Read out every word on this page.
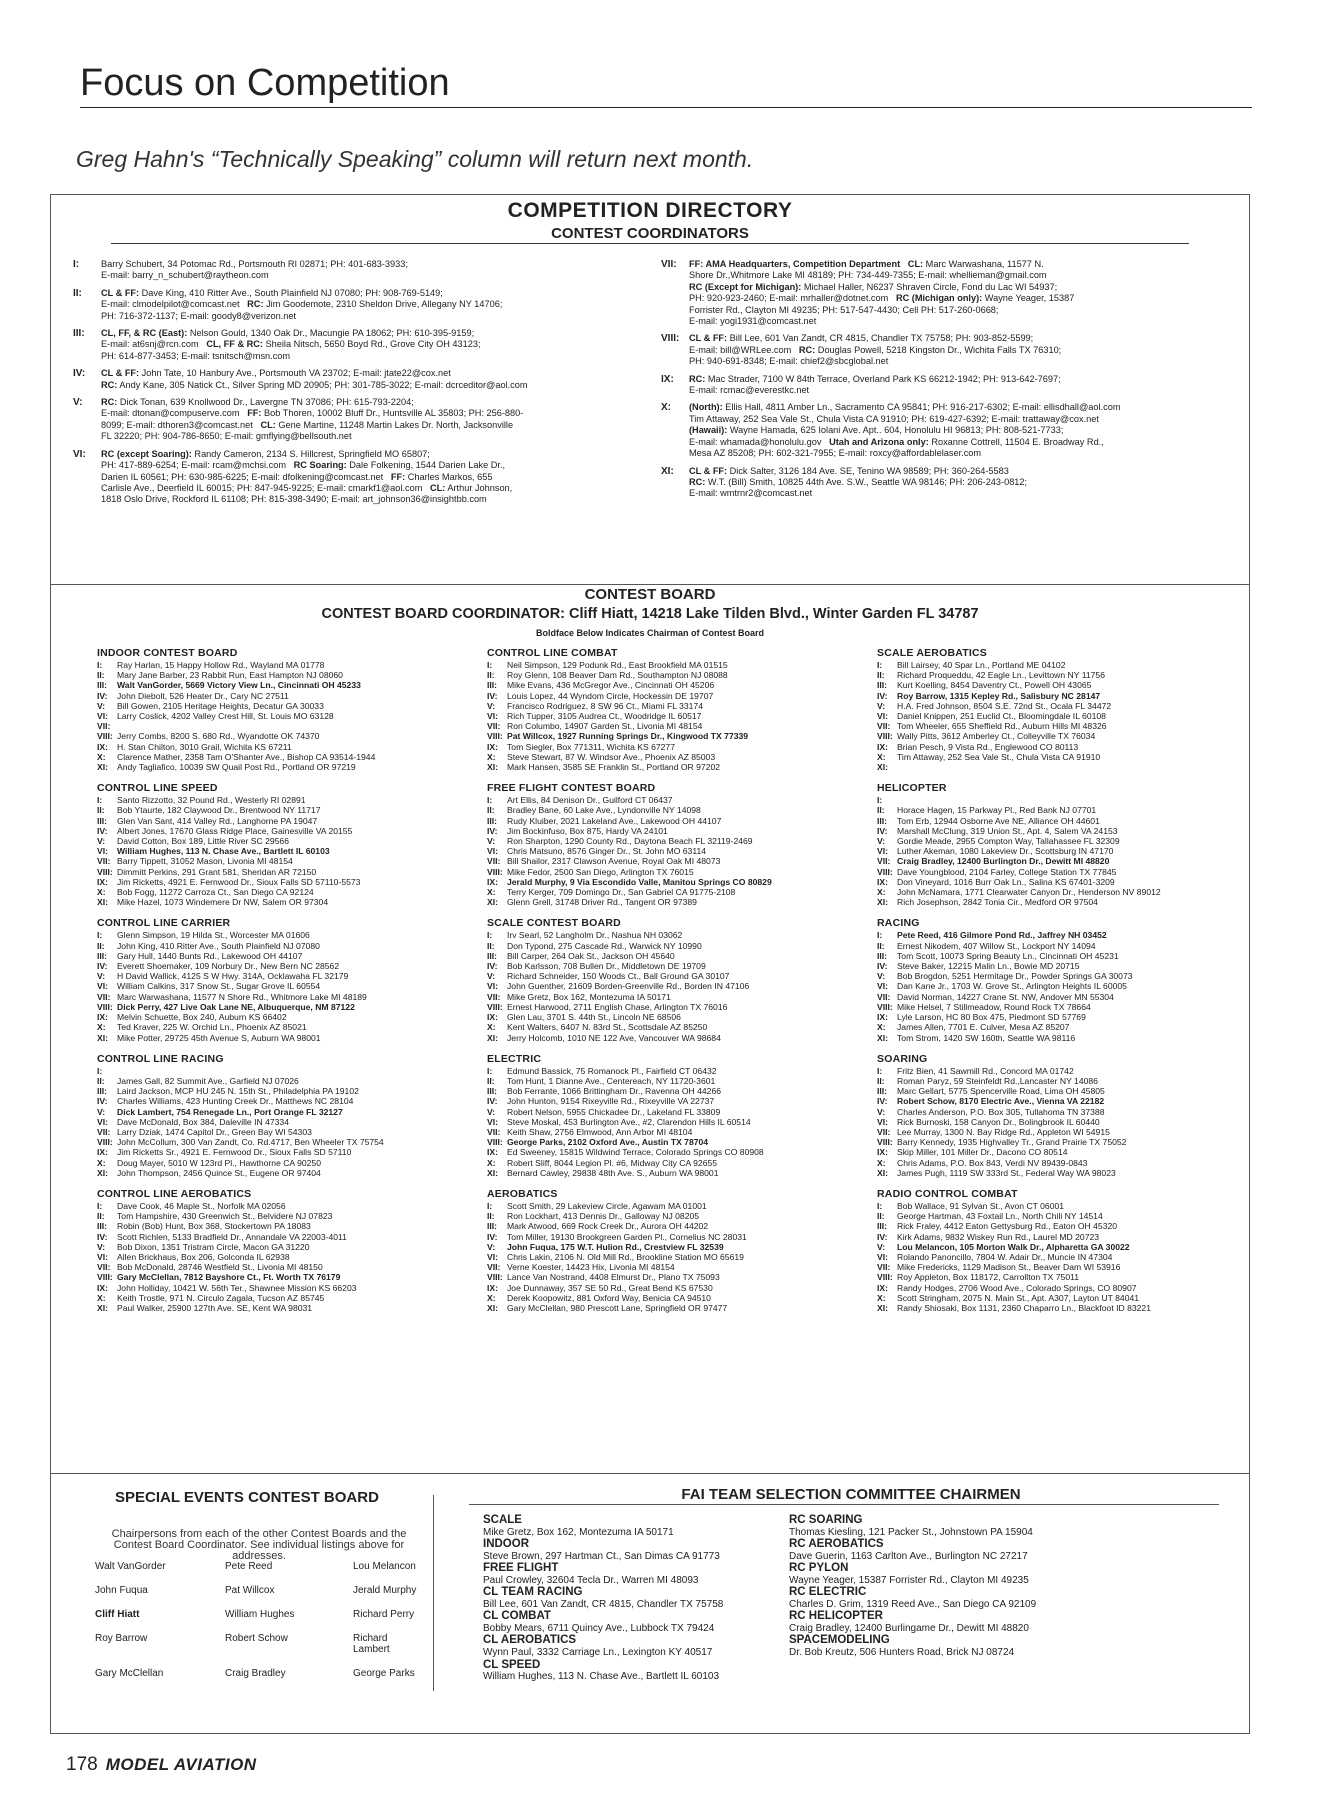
Focus on Competition
Greg Hahn's “Technically Speaking” column will return next month.
COMPETITION DIRECTORY
CONTEST COORDINATORS
I:	Barry Schubert, 34 Potomac Rd., Portsmouth RI 02871; PH: 401-683-3933;
E-mail: barry_n_schubert@raytheon.com
II:	CL & FF: Dave King, 410 Ritter Ave., South Plainfield NJ 07080; PH: 908-769-5149;
E-mail: clmodelpilot@comcast.net   RC: Jim Goodemote, 2310 Sheldon Drive, Allegany NY 14706;
PH: 716-372-1137; E-mail: goody8@verizon.net
III:	CL, FF, & RC (East): Nelson Gould, 1340 Oak Dr., Macungie PA 18062; PH: 610-395-9159;
E-mail: at6snj@rcn.com   CL, FF & RC: Sheila Nitsch, 5650 Boyd Rd., Grove City OH 43123;
PH: 614-877-3453; E-mail: tsnitsch@msn.com
IV:	CL & FF: John Tate, 10 Hanbury Ave., Portsmouth VA 23702; E-mail: jtate22@cox.net
RC: Andy Kane, 305 Natick Ct., Silver Spring MD 20905; PH: 301-785-3022; E-mail: dcrceditor@aol.com
V:	RC: Dick Tonan, 639 Knollwood Dr., Lavergne TN 37086; PH: 615-793-2204;
E-mail: dtonan@compuserve.com   FF: Bob Thoren, 10002 Bluff Dr., Huntsville AL 35803; PH: 256-880-
8099; E-mail: dthoren3@comcast.net   CL: Gene Martine, 11248 Martin Lakes Dr. North, Jacksonville
FL 32220; PH: 904-786-8650; E-mail: gmflying@bellsouth.net
VI:	RC (except Soaring): Randy Cameron, 2134 S. Hillcrest, Springfield MO 65807;
PH: 417-889-6254; E-mail: rcam@mchsi.com   RC Soaring: Dale Folkening, 1544 Darien Lake Dr.,
Darien IL 60561; PH: 630-985-6225; E-mail: dfolkening@comcast.net   FF: Charles Markos, 655
Carlisle Ave., Deerfield IL 60015; PH: 847-945-9225; E-mail: cmarkf1@aol.com   CL: Arthur Johnson,
1818 Oslo Drive, Rockford IL 61108; PH: 815-398-3490; E-mail: art_johnson36@insightbb.com
VII:	FF: AMA Headquarters, Competition Department   CL: Marc Warwashana, 11577 N.
Shore Dr.,Whitmore Lake MI 48189; PH: 734-449-7355; E-mail: whellieman@gmail.com
RC (Except for Michigan): Michael Haller, N6237 Shraven Circle, Fond du Lac WI 54937;
PH: 920-923-2460; E-mail: mrhaller@dotnet.com   RC (Michigan only): Wayne Yeager, 15387
Forrister Rd., Clayton MI 49235; PH: 517-547-4430; Cell PH: 517-260-0668;
E-mail: yogi1931@comcast.net
VIII:	CL & FF: Bill Lee, 601 Van Zandt, CR 4815, Chandler TX 75758; PH: 903-852-5599;
E-mail: bill@WRLee.com   RC: Douglas Powell, 5218 Kingston Dr., Wichita Falls TX 76310;
PH: 940-691-8348; E-mail: chief2@sbcglobal.net
IX:	RC: Mac Strader, 7100 W 84th Terrace, Overland Park KS 66212-1942; PH: 913-642-7697;
E-mail: rcmac@everestkc.net
X:	(North): Ellis Hall, 4811 Amber Ln., Sacramento CA 95841; PH: 916-217-6302; E-mail: ellisdhall@aol.com
Tim Attaway, 252 Sea Vale St., Chula Vista CA 91910; PH: 619-427-6392; E-mail: trattaway@cox.net
(Hawaii): Wayne Hamada, 625 Iolani Ave. Apt.. 604, Honolulu HI 96813; PH: 808-521-7733;
E-mail: whamada@honolulu.gov   Utah and Arizona only: Roxanne Cottrell, 11504 E. Broadway Rd.,
Mesa AZ 85208; PH: 602-321-7955; E-mail: roxcy@affordablelaser.com
XI:	CL & FF: Dick Salter, 3126 184 Ave. SE, Tenino WA 98589; PH: 360-264-5583
RC: W.T. (Bill) Smith, 10825 44th Ave. S.W., Seattle WA 98146; PH: 206-243-0812;
E-mail: wmtrnr2@comcast.net
CONTEST BOARD
CONTEST BOARD COORDINATOR: Cliff Hiatt, 14218 Lake Tilden Blvd., Winter Garden FL 34787
Boldface Below Indicates Chairman of Contest Board
INDOOR CONTEST BOARD
I:	Ray Harlan, 15 Happy Hollow Rd., Wayland MA 01778
II:	Mary Jane Barber, 23 Rabbit Run, East Hampton NJ 08060
III:	Walt VanGorder, 5669 Victory View Ln., Cincinnati OH 45233
IV:	John Diebolt, 526 Heater Dr., Cary NC 27511
V:	Bill Gowen, 2105 Heritage Heights, Decatur GA 30033
VI:	Larry Coslick, 4202 Valley Crest Hill, St. Louis MO 63128
VII:
VIII: Jerry Combs, 8200 S. 680 Rd., Wyandotte OK 74370
IX:	H. Stan Chilton, 3010 Grail, Wichita KS 67211
X:	Clarence Mather, 2358 Tam O'Shanter Ave., Bishop CA 93514-1944
XI:	Andy Tagliafico, 10039 SW Quail Post Rd., Portland OR 97219
CONTROL LINE SPEED
I:	Santo Rizzotto, 32 Pound Rd., Westerly RI 02891
II:	Bob Ytaurte, 182 Claywood Dr., Brentwood NY 11717
III:	Glen Van Sant, 414 Valley Rd., Langhorne PA 19047
IV:	Albert Jones, 17670 Glass Ridge Place, Gainesville VA 20155
V:	David Cotton, Box 189, Little River SC 29566
VI:	William Hughes, 113 N. Chase Ave., Bartlett IL 60103
VII: Barry Tippett, 31052 Mason, Livonia MI 48154
VIII: Dimmitt Perkins, 291 Grant 581, Sheridan AR 72150
IX:	Jim Ricketts, 4921 E. Fernwood Dr., Sioux Falls SD 57110-5573
X:	Bob Fogg, 11272 Carroza Ct., San Diego CA 92124
XI:	Mike Hazel, 1073 Windemere Dr NW, Salem OR 97304
CONTROL LINE CARRIER
I:	Glenn Simpson, 19 Hilda St., Worcester MA 01606
II:	John King, 410 Ritter Ave., South Plainfield NJ 07080
III:	Gary Hull, 1440 Bunts Rd., Lakewood OH 44107
IV:	Everett Shoemaker, 109 Norbury Dr., New Bern NC 28562
V:	H David Wallick, 4125 S W Hwy. 314A, Ocklawaha FL 32179
VI:	William Calkins, 317 Snow St., Sugar Grove IL 60554
VII: Marc Warwashana, 11577 N Shore Rd., Whitmore Lake MI 48189
VIII: Dick Perry, 427 Live Oak Lane NE, Albuquerque, NM 87122
IX:	Melvin Schuette, Box 240, Auburn KS 66402
X:	Ted Kraver, 225 W. Orchid Ln., Phoenix AZ 85021
XI:	Mike Potter, 29725 45th Avenue S, Auburn WA 98001
CONTROL LINE RACING
I:
II:	James Gall, 82 Summit Ave., Garfield NJ 07026
III:	Laird Jackson, MCP HU 245 N. 15th St., Philadelphia PA 19102
IV:	Charles Williams, 423 Hunting Creek Dr., Matthews NC 28104
V:	Dick Lambert, 754 Renegade Ln., Port Orange FL 32127
VI:	Dave McDonald, Box 384, Daleville IN 47334
VII: Larry Dziak, 1474 Capitol Dr., Green Bay WI 54303
VIII: John McCollum, 300 Van Zandt, Co. Rd.4717, Ben Wheeler TX 75754
IX:	Jim Ricketts Sr., 4921 E. Fernwood Dr., Sioux Falls SD 57110
X:	Doug Mayer, 5010 W 123rd Pl., Hawthorne CA 90250
XI:	John Thompson, 2456 Quince St., Eugene OR 97404
CONTROL LINE AEROBATICS
I:	Dave Cook, 46 Maple St., Norfolk MA 02056
II:	Tom Hampshire, 430 Greenwich St., Belvidere NJ 07823
III:	Robin (Bob) Hunt, Box 368, Stockertown PA 18083
IV:	Scott Richlen, 5133 Bradfield Dr., Annandale VA 22003-4011
V:	Bob Dixon, 1351 Tristram Circle, Macon GA 31220
VI:	Allen Brickhaus, Box 206, Golconda IL 62938
VII: Bob McDonald, 28746 Westfield St., Livonia MI 48150
VIII: Gary McClellan, 7812 Bayshore Ct., Ft. Worth TX 76179
IX:	John Holliday, 10421 W. 56th Ter., Shawnee Mission KS 66203
X:	Keith Trostle, 971 N. Circulo Zagala, Tucson AZ 85745
XI:	Paul Walker, 25900 127th Ave. SE, Kent WA 98031
CONTROL LINE COMBAT
I:	Neil Simpson, 129 Podunk Rd., East Brookfield MA 01515
II:	Roy Glenn, 108 Beaver Dam Rd., Southampton NJ 08088
III:	Mike Evans, 436 McGregor Ave., Cincinnati OH 45206
IV:	Louis Lopez, 44 Wyndom Circle, Hockessin DE 19707
V:	Francisco Rodriguez, 8 SW 96 Ct., Miami FL 33174
VI:	Rich Tupper, 3105 Audrea Ct., Woodridge IL 60517
VII: Ron Columbo, 14907 Garden St., Livonia MI 48154
VIII: Pat Willcox, 1927 Running Springs Dr., Kingwood TX 77339
IX:	Tom Siegler, Box 771311, Wichita KS 67277
X:	Steve Stewart, 87 W. Windsor Ave., Phoenix AZ 85003
XI:	Mark Hansen, 3585 SE Franklin St., Portland OR 97202
FREE FLIGHT CONTEST BOARD
I:	Art Ellis, 84 Denison Dr., Guilford CT 06437
II:	Bradley Bane, 60 Lake Ave., Lyndonville NY 14098
III:	Rudy Kluiber, 2021 Lakeland Ave., Lakewood OH 44107
IV:	Jim Bockinfuso, Box 875, Hardy VA 24101
V:	Ron Sharpton, 1290 County Rd., Daytona Beach FL 32119-2469
VI:	Chris Matsuno, 8576 Ginger Dr., St. John MO 63114
VII: Bill Shailor, 2317 Clawson Avenue, Royal Oak MI 48073
VIII: Mike Fedor, 2500 San Diego, Arlington TX 76015
IX:	Jerald Murphy, 9 Via Escondido Valle, Manitou Springs CO 80829
X:	Terry Kerger, 709 Domingo Dr., San Gabriel CA 91775-2108
XI:	Glenn Grell, 31748 Driver Rd., Tangent OR 97389
SCALE CONTEST BOARD
I:	Irv Searl, 52 Langholm Dr., Nashua NH 03062
II:	Don Typond, 275 Cascade Rd., Warwick NY 10990
III:	Bill Carper, 264 Oak St., Jackson OH 45640
IV:	Bob Karlsson, 708 Bullen Dr., Middletown DE 19709
V:	Richard Schneider, 150 Woods Ct., Ball Ground GA 30107
VI:	John Guenther, 21609 Borden-Greenville Rd., Borden IN 47106
VII: Mike Gretz, Box 162, Montezuma IA 50171
VIII: Ernest Harwood, 2711 English Chase, Arlington TX 76016
IX:	Glen Lau, 3701 S. 44th St., Lincoln NE 68506
X:	Kent Walters, 6407 N. 83rd St., Scottsdale AZ 85250
XI:	Jerry Holcomb, 1010 NE 122 Ave, Vancouver WA 98684
ELECTRIC
I:	Edmund Bassick, 75 Romanock Pl., Fairfield CT 06432
II:	Tom Hunt, 1 Dianne Ave., Centereach, NY 11720-3601
III:	Bob Ferrante, 1066 Brittingham Dr., Ravenna OH 44266
IV:	John Hunton, 9154 Rixeyville Rd., Rixeyville VA 22737
V:	Robert Nelson, 5955 Chickadee Dr., Lakeland FL 33809
VI:	Steve Moskal, 453 Burlington Ave., #2, Clarendon Hills IL 60514
VII: Keith Shaw, 2756 Elmwood, Ann Arbor MI 48104
VIII: George Parks, 2102 Oxford Ave., Austin TX 78704
IX:	Ed Sweeney, 15815 Wildwind Terrace, Colorado Springs CO 80908
X:	Robert Sliff, 8044 Legion Pl. #6, Midway City CA 92655
XI:	Bernard Cawley, 29838 48th Ave. S., Auburn WA 98001
AEROBATICS
I:	Scott Smith, 29 Lakeview Circle, Agawam MA 01001
II:	Ron Lockhart, 413 Dennis Dr., Galloway NJ 08205
III:	Mark Atwood, 669 Rock Creek Dr., Aurora OH 44202
IV:	Tom Miller, 19130 Brookgreen Garden Pl., Cornelius NC 28031
V:	John Fuqua, 175 W.T. Hulion Rd., Crestview FL 32539
VI:	Chris Lakin, 2106 N. Old Mill Rd., Brookline Station MO 65619
VII: Verne Koester, 14423 Hix, Livonia MI 48154
VIII: Lance Van Nostrand, 4408 Elmurst Dr., Plano TX 75093
IX:	Joe Dunnaway, 357 SE 50 Rd., Great Bend KS 67530
X:	Derek Koopowitz, 881 Oxford Way, Benicia CA 94510
XI:	Gary McClellan, 980 Prescott Lane, Springfield OR 97477
SCALE AEROBATICS
I:	Bill Lairsey, 40 Spar Ln., Portland ME 04102
II:	Richard Proqueddu, 42 Eagle Ln., Levittown NY 11756
III:	Kurt Koelling, 8454 Daventry Ct., Powell OH 43065
IV:	Roy Barrow, 1315 Kepley Rd., Salisbury NC 28147
V:	H.A. Fred Johnson, 8504 S.E. 72nd St., Ocala FL 34472
VI:	Daniel Knippen, 251 Euclid Ct., Bloomingdale IL 60108
VII: Tom Wheeler, 655 Sheffield Rd., Auburn Hills MI 48326
VIII: Wally Pitts, 3612 Amberley Ct., Colleyville TX 76034
IX:	Brian Pesch, 9 Vista Rd., Englewood CO 80113
X:	Tim Attaway, 252 Sea Vale St., Chula Vista CA 91910
XI:
HELICOPTER
I:
II:	Horace Hagen, 15 Parkway Pl., Red Bank NJ 07701
III:	Tom Erb, 12944 Osborne Ave NE, Alliance OH 44601
IV:	Marshall McClung, 319 Union St., Apt. 4, Salem VA 24153
V:	Gordie Meade, 2955 Compton Way, Tallahassee FL 32309
VI:	Luther Akeman, 1080 Lakeview Dr., Scottsburg IN 47170
VII: Craig Bradley, 12400 Burlington Dr., Dewitt MI 48820
VIII: Dave Youngblood, 2104 Farley, College Station TX 77845
IX:	Don Vineyard, 1016 Burr Oak Ln., Salina KS 67401-3209
X:	John McNamara, 1771 Clearwater Canyon Dr., Henderson NV 89012
XI:	Rich Josephson, 2842 Tonia Cir., Medford OR 97504
RACING
I:	Pete Reed, 416 Gilmore Pond Rd., Jaffrey NH 03452
II:	Ernest Nikodem, 407 Willow St., Lockport NY 14094
III:	Tom Scott, 10073 Spring Beauty Ln., Cincinnati OH 45231
IV:	Steve Baker, 12215 Malin Ln., Bowie MD 20715
V:	Bob Brogdon, 5251 Hermitage Dr., Powder Springs GA 30073
VI:	Dan Kane Jr., 1703 W. Grove St., Arlington Heights IL 60005
VII: David Norman, 14227 Crane St. NW, Andover MN 55304
VIII: Mike Helsel, 7 Stillmeadow, Round Rock TX 78664
IX:	Lyle Larson, HC 80 Box 475, Piedmont SD 57769
X:	James Allen, 7701 E. Culver, Mesa AZ 85207
XI:	Tom Strom, 1420 SW 160th, Seattle WA 98116
SOARING
I:	Fritz Bien, 41 Sawmill Rd., Concord MA 01742
II:	Roman Paryz, 59 Steinfeldt Rd.,Lancaster NY 14086
III:	Marc Gellart, 5775 Spencerville Road, Lima OH 45805
IV:	Robert Schow, 8170 Electric Ave., Vienna VA 22182
V:	Charles Anderson, P.O. Box 305, Tullahoma TN 37388
VI:	Rick Burnoski, 158 Canyon Dr., Bolingbrook IL 60440
VII: Lee Murray, 1300 N. Bay Ridge Rd., Appleton WI 54915
VIII: Barry Kennedy, 1935 Highvalley Tr., Grand Prairie TX 75052
IX:	Skip Miller, 101 Miller Dr., Dacono CO 80514
X:	Chris Adams, P.O. Box 843, Verdi NV 89439-0843
XI:	James Pugh, 1119 SW 333rd St., Federal Way WA 98023
RADIO CONTROL COMBAT
I:	Bob Wallace, 91 Sylvan St., Avon CT 06001
II:	George Hartman, 43 Foxtail Ln., North Chili NY 14514
III:	Rick Fraley, 4412 Eaton Gettysburg Rd., Eaton OH 45320
IV:	Kirk Adams, 9832 Wiskey Run Rd., Laurel MD 20723
V:	Lou Melancon, 105 Morton Walk Dr., Alpharetta GA 30022
VI:	Rolando Panoncillo, 7804 W. Adair Dr., Muncie IN 47304
VII: Mike Fredericks, 1129 Madison St., Beaver Dam WI 53916
VIII: Roy Appleton, Box 118172, Carrollton TX 75011
IX:	Randy Hodges, 2706 Wood Ave., Colorado Springs, CO 80907
X:	Scott Stringham, 2075 N. Main St., Apt. A307, Layton UT 84041
XI:	Randy Shiosaki, Box 1131, 2360 Chaparro Ln., Blackfoot ID 83221
SPECIAL EVENTS CONTEST BOARD
Chairpersons from each of the other Contest Boards and the Contest Board Coordinator. See individual listings above for addresses.
Walt VanGorder	Pete Reed	Lou Melancon
John Fuqua	Pat Willcox	Jerald Murphy
Cliff Hiatt	William Hughes	Richard Perry
Roy Barrow	Robert Schow	Richard Lambert
Gary McClellan	Craig Bradley	George Parks
FAI TEAM SELECTION COMMITTEE CHAIRMEN
SCALE
Mike Gretz, Box 162, Montezuma IA 50171
INDOOR
Steve Brown, 297 Hartman Ct., San Dimas CA 91773
FREE FLIGHT
Paul Crowley, 32604 Tecla Dr., Warren MI 48093
CL TEAM RACING
Bill Lee, 601 Van Zandt, CR 4815, Chandler TX 75758
CL COMBAT
Bobby Mears, 6711 Quincy Ave., Lubbock TX 79424
CL AEROBATICS
Wynn Paul, 3332 Carriage Ln., Lexington KY 40517
CL SPEED
William Hughes, 113 N. Chase Ave., Bartlett IL 60103
RC SOARING
Thomas Kiesling, 121 Packer St., Johnstown PA 15904
RC AEROBATICS
Dave Guerin, 1163 Carlton Ave., Burlington NC 27217
RC PYLON
Wayne Yeager, 15387 Forrister Rd., Clayton MI 49235
RC ELECTRIC
Charles D. Grim, 1319 Reed Ave., San Diego CA 92109
RC HELICOPTER
Craig Bradley, 12400 Burlingame Dr., Dewitt MI 48820
SPACEMODELING
Dr. Bob Kreutz, 506 Hunters Road, Brick NJ 08724
178 MODEL AVIATION
